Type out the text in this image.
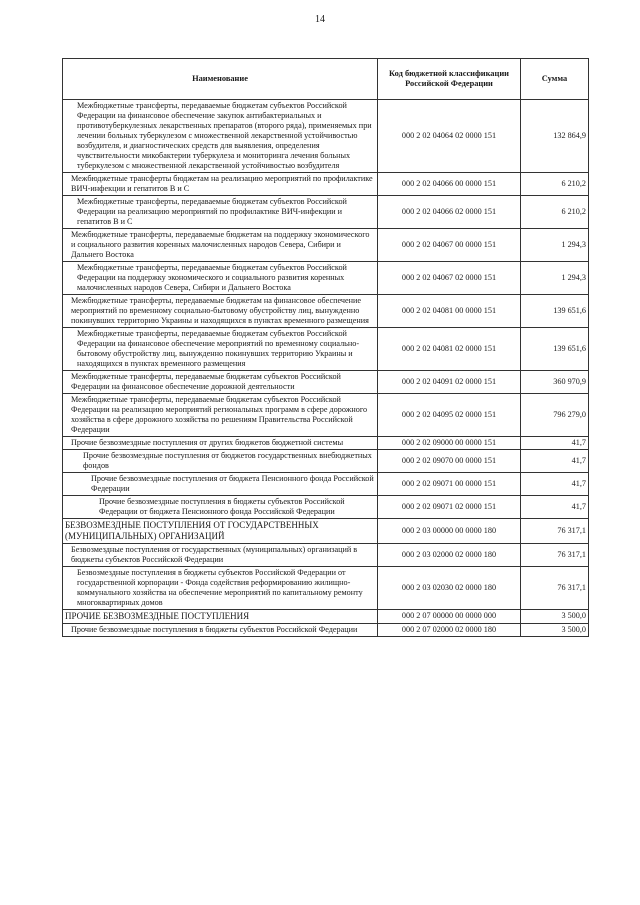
14
Наименование	Код бюджетной классификации Российской Федерации	Сумма
Межбюджетные трансферты, передаваемые бюджетам субъектов Российской Федерации на финансовое обеспечение закупок антибактериальных и противотуберкулезных лекарственных препаратов (второго ряда), применяемых при лечении больных туберкулезом с множественной лекарственной устойчивостью возбудителя, и диагностических средств для выявления, определения чувствительности микобактерии туберкулеза и мониторинга лечения больных туберкулезом с множественной лекарственной устойчивостью возбудителя	000 2 02 04064 02 0000 151	132 864,9
Межбюджетные трансферты бюджетам на реализацию мероприятий по профилактике ВИЧ-инфекции и гепатитов В и С	000 2 02 04066 00 0000 151	6 210,2
Межбюджетные трансферты, передаваемые бюджетам субъектов Российской Федерации на реализацию мероприятий по профилактике ВИЧ-инфекции и гепатитов В и С	000 2 02 04066 02 0000 151	6 210,2
Межбюджетные трансферты, передаваемые бюджетам на поддержку экономического и социального развития коренных малочисленных народов Севера, Сибири и Дальнего Востока	000 2 02 04067 00 0000 151	1 294,3
Межбюджетные трансферты, передаваемые бюджетам субъектов Российской Федерации на поддержку экономического и социального развития коренных малочисленных народов Севера, Сибири и Дальнего Востока	000 2 02 04067 02 0000 151	1 294,3
Межбюджетные трансферты, передаваемые бюджетам на финансовое обеспечение мероприятий по временному социально-бытовому обустройству лиц, вынужденно покинувших территорию Украины и находящихся в пунктах временного размещения	000 2 02 04081 00 0000 151	139 651,6
Межбюджетные трансферты, передаваемые бюджетам субъектов Российской Федерации на финансовое обеспечение мероприятий по временному социально-бытовому обустройству лиц, вынужденно покинувших территорию Украины и находящихся в пунктах временного размещения	000 2 02 04081 02 0000 151	139 651,6
Межбюджетные трансферты, передаваемые бюджетам субъектов Российской Федерации на финансовое обеспечение дорожной деятельности	000 2 02 04091 02 0000 151	360 970,9
Межбюджетные трансферты, передаваемые бюджетам субъектов Российской Федерации на реализацию мероприятий региональных программ в сфере дорожного хозяйства в сфере дорожного хозяйства по решениям Правительства Российской Федерации	000 2 02 04095 02 0000 151	796 279,0
Прочие безвозмездные поступления от других бюджетов бюджетной системы	000 2 02 09000 00 0000 151	41,7
Прочие безвозмездные поступления от бюджетов государственных внебюджетных фондов	000 2 02 09070 00 0000 151	41,7
Прочие безвозмездные поступления от бюджета Пенсионного фонда Российской Федерации	000 2 02 09071 00 0000 151	41,7
Прочие безвозмездные поступления в бюджеты субъектов Российской Федерации от бюджета Пенсионного фонда Российской Федерации	000 2 02 09071 02 0000 151	41,7
БЕЗВОЗМЕЗДНЫЕ ПОСТУПЛЕНИЯ ОТ ГОСУДАРСТВЕННЫХ (МУНИЦИПАЛЬНЫХ) ОРГАНИЗАЦИЙ	000 2 03 00000 00 0000 180	76 317,1
Безвозмездные поступления от государственных (муниципальных) организаций в бюджеты субъектов Российской Федерации	000 2 03 02000 02 0000 180	76 317,1
Безвозмездные поступления в бюджеты субъектов Российской Федерации от государственной корпорации - Фонда содействия реформированию жилищно-коммунального хозяйства на обеспечение мероприятий по капитальному ремонту многоквартирных домов	000 2 03 02030 02 0000 180	76 317,1
ПРОЧИЕ БЕЗВОЗМЕЗДНЫЕ ПОСТУПЛЕНИЯ	000 2 07 00000 00 0000 000	3 500,0
Прочие безвозмездные поступления в бюджеты субъектов Российской Федерации	000 2 07 02000 02 0000 180	3 500,0
